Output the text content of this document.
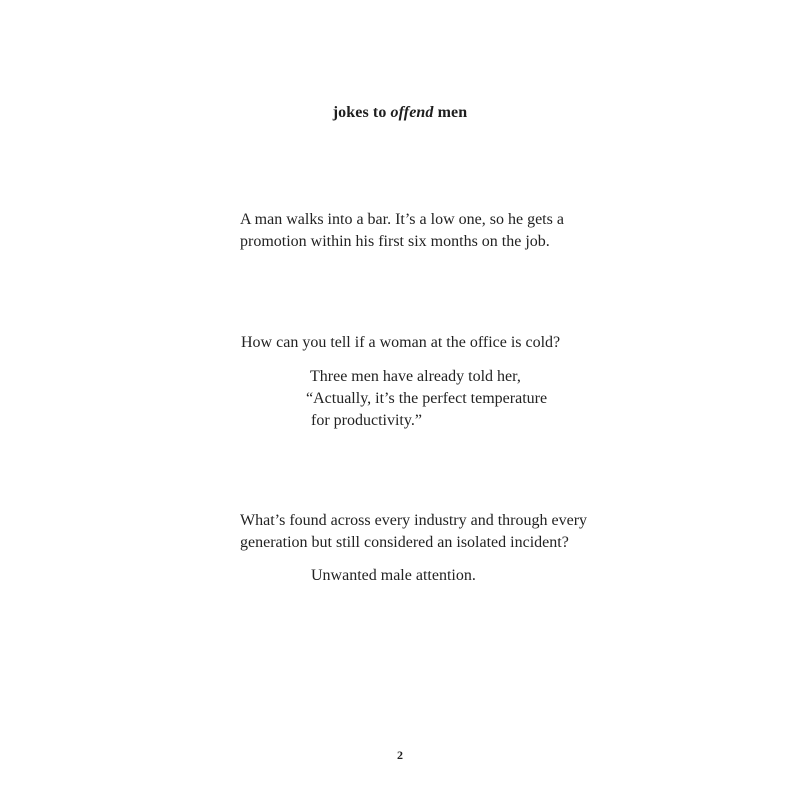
jokes to offend men
A man walks into a bar. It’s a low one, so he gets a
promotion within his first six months on the job.
How can you tell if a woman at the office is cold?
Three men have already told her,
“Actually, it’s the perfect temperature
for productivity.”
What’s found across every industry and through every
generation but still considered an isolated incident?
Unwanted male attention.
2
